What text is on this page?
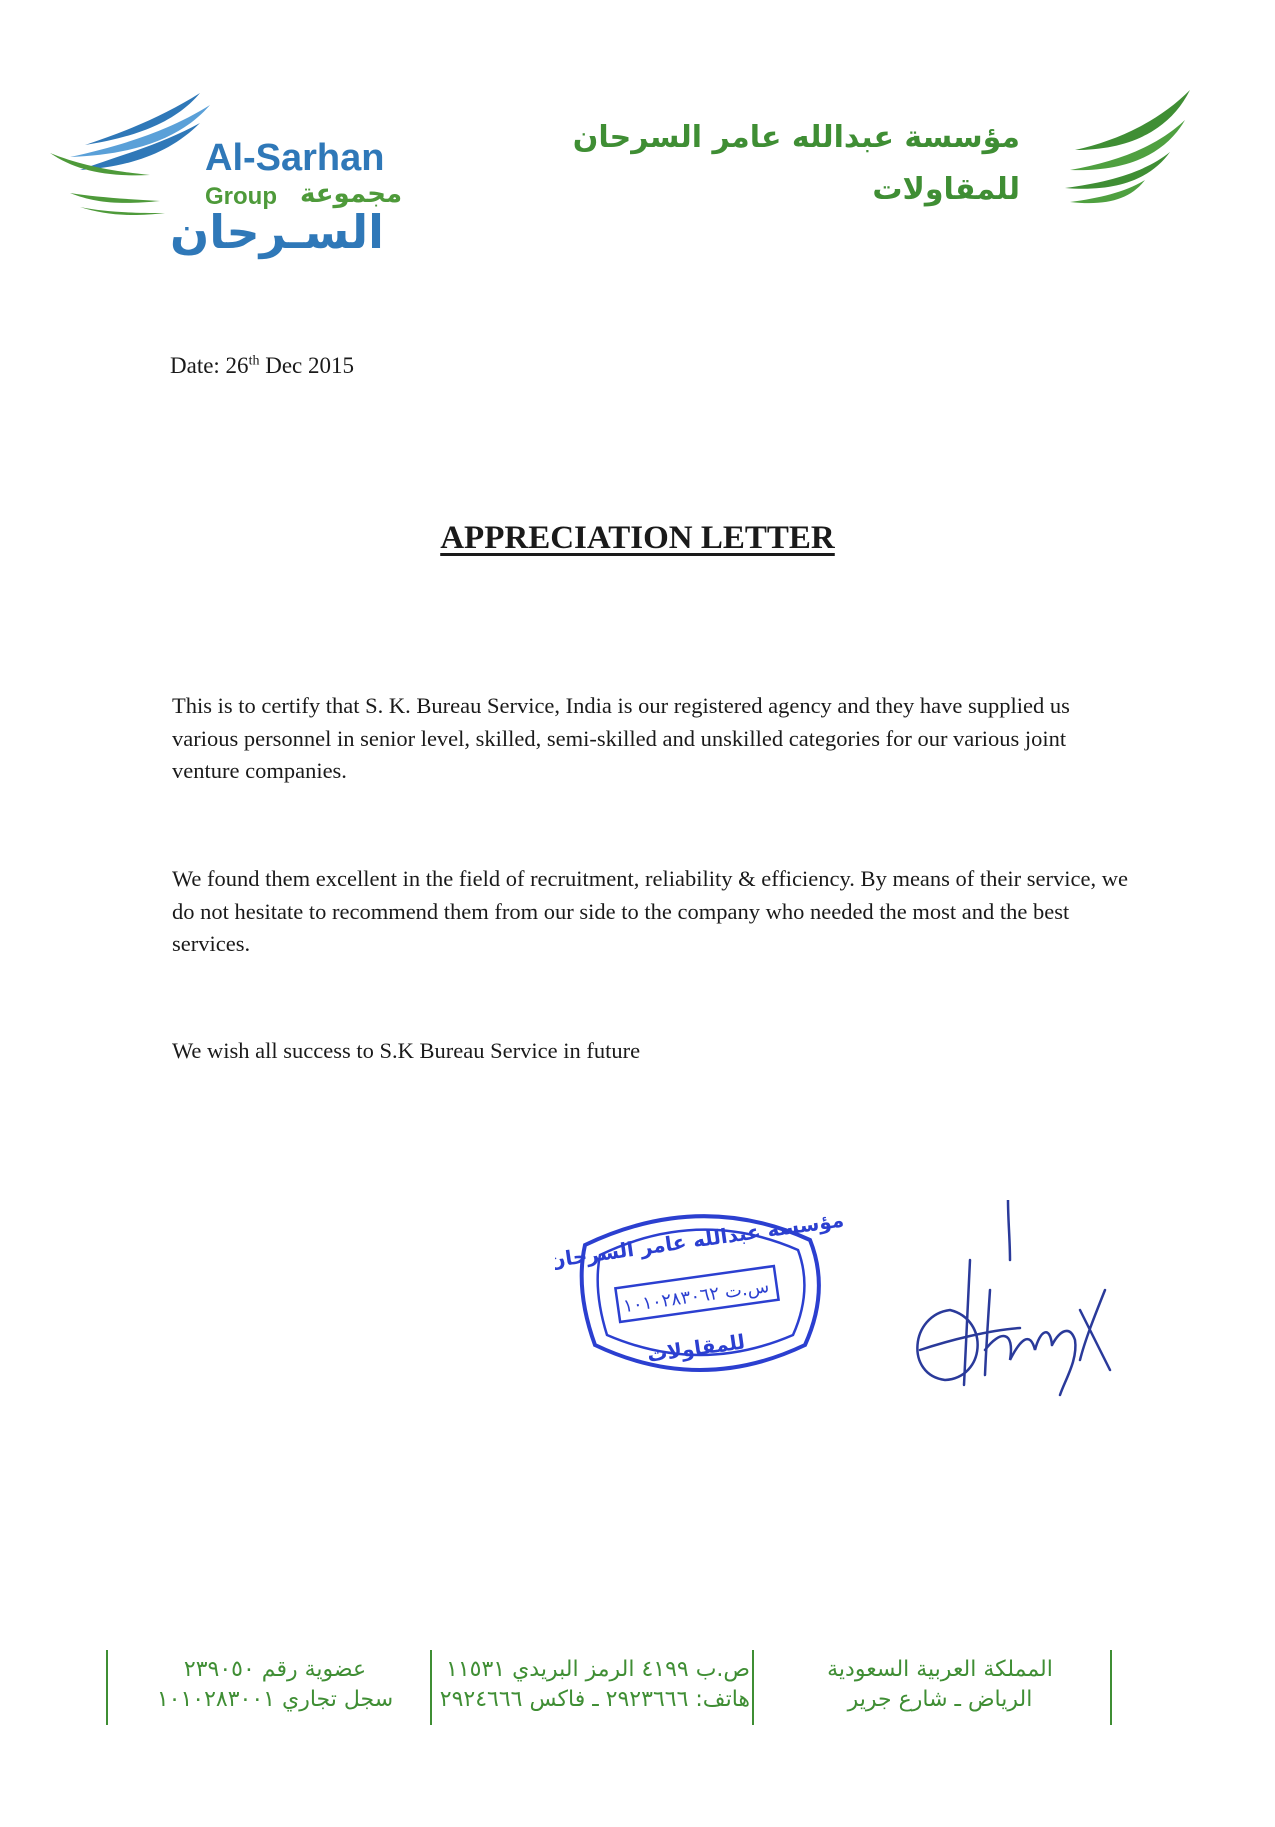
Al-Sarhan
Group مجموعة
السـرحان
مؤسسة عبدالله عامر السرحان
للمقاولات
Date: 26th Dec 2015
APPRECIATION LETTER
This is to certify that S. K. Bureau Service, India is our registered agency and they have supplied us various personnel in senior level, skilled, semi-skilled and unskilled categories for our various joint venture companies.
We found them excellent in the field of recruitment, reliability & efficiency. By means of their service, we do not hesitate to recommend them from our side to the company who needed the most and the best services.
We wish all success to S.K Bureau Service in future
مؤسسة عبدالله عامر السرحان
س.ت ١٠١٠٢٨٣٠٦٢
للمقاولات
عضوية رقم ٢٣٩٠٥٠
سجل تجاري ١٠١٠٢٨٣٠٠١
ص.ب ٤١٩٩ الرمز البريدي ١١٥٣١
هاتف: ٢٩٢٣٦٦٦ ـ فاكس ٢٩٢٤٦٦٦
المملكة العربية السعودية
الرياض ـ شارع جرير
